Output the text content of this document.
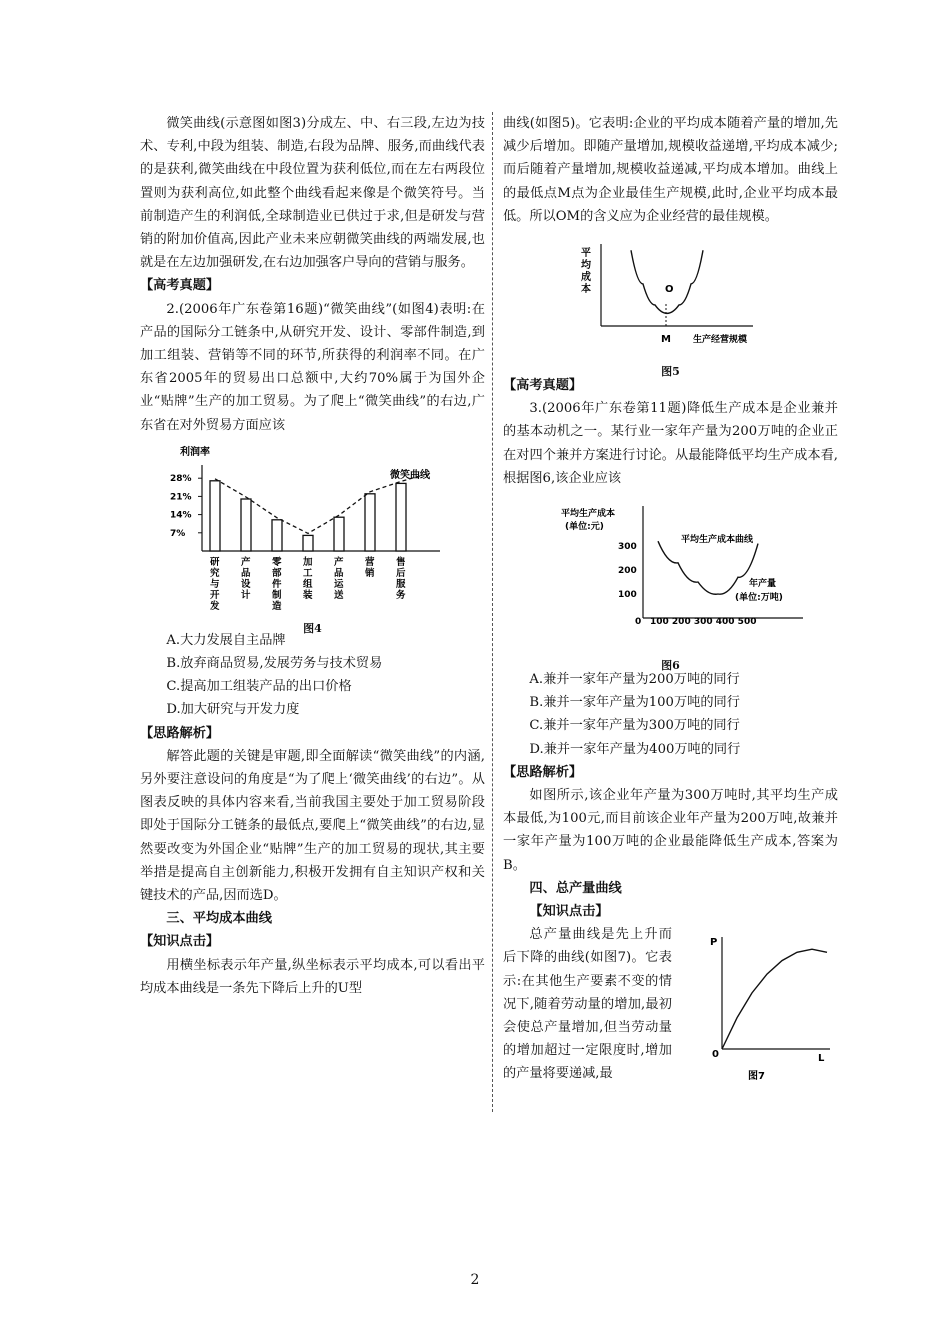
微笑曲线(示意图如图3)分成左、中、右三段,左边为技术、专利,中段为组装、制造,右段为品牌、服务,而曲线代表的是获利,微笑曲线在中段位置为获利低位,而在左右两段位置则为获利高位,如此整个曲线看起来像是个微笑符号。当前制造产生的利润低,全球制造业已供过于求,但是研发与营销的附加价值高,因此产业未来应朝微笑曲线的两端发展,也就是在左边加强研发,在右边加强客户导向的营销与服务。

【高考真题】

2.(2006年广东卷第16题)“微笑曲线”(如图4)表明:在产品的国际分工链条中,从研究开发、设计、零部件制造,到加工组装、营销等不同的环节,所获得的利润率不同。在广东省2005年的贸易出口总额中,大约70%属于为国外企业“贴牌”生产的加工贸易。为了爬上“微笑曲线”的右边,广东省在对外贸易方面应该

利润率
微笑曲线
28%
21%
14%
7%
研
究
与
开
发
产
品
设
计
零
部
件
制
造
加
工
组
装
产
品
运
送
营
销
售
后
服
务
图4

A.大力发展自主品牌

B.放弃商品贸易,发展劳务与技术贸易

C.提高加工组装产品的出口价格

D.加大研究与开发力度

【思路解析】

解答此题的关键是审题,即全面解读“微笑曲线”的内涵,另外要注意设问的角度是“为了爬上‘微笑曲线’的右边”。从图表反映的具体内容来看,当前我国主要处于加工贸易阶段即处于国际分工链条的最低点,要爬上“微笑曲线”的右边,显然要改变为外国企业“贴牌”生产的加工贸易的现状,其主要举措是提高自主创新能力,积极开发拥有自主知识产权和关键技术的产品,因而选D。

三、平均成本曲线

【知识点击】

用横坐标表示年产量,纵坐标表示平均成本,可以看出平均成本曲线是一条先下降后上升的U型

曲线(如图5)。它表明:企业的平均成本随着产量的增加,先减少后增加。即随产量增加,规模收益递增,平均成本减少;而后随着产量增加,规模收益递减,平均成本增加。曲线上的最低点M点为企业最佳生产规模,此时,企业平均成本最低。所以OM的含义应为企业经营的最佳规模。

平均成本	O
M 生产经营规模
图5

【高考真题】

3.(2006年广东卷第11题)降低生产成本是企业兼并的基本动机之一。某行业一家年产量为200万吨的企业正在对四个兼并方案进行讨论。从最能降低平均生产成本看,根据图6,该企业应该

平均生产成本
(单位:元)
300
200
100
0 100 200 300 400 500
平均生产成本曲线
年产量
(单位:万吨)
图6

A.兼并一家年产量为200万吨的同行

B.兼并一家年产量为100万吨的同行

C.兼并一家年产量为300万吨的同行

D.兼并一家年产量为400万吨的同行

【思路解析】

如图所示,该企业年产量为300万吨时,其平均生产成本最低,为100元,而目前该企业年产量为200万吨,故兼并一家年产量为100万吨的企业最能降低生产成本,答案为B。

四、总产量曲线

【知识点击】

总产量曲线是先上升而后下降的曲线(如图7)。它表示:在其他生产要素不变的情况下,随着劳动量的增加,最初会使总产量增加,但当劳动量的增加超过一定限度时,增加的产量将要递减,最

P
0	L
图7
2
